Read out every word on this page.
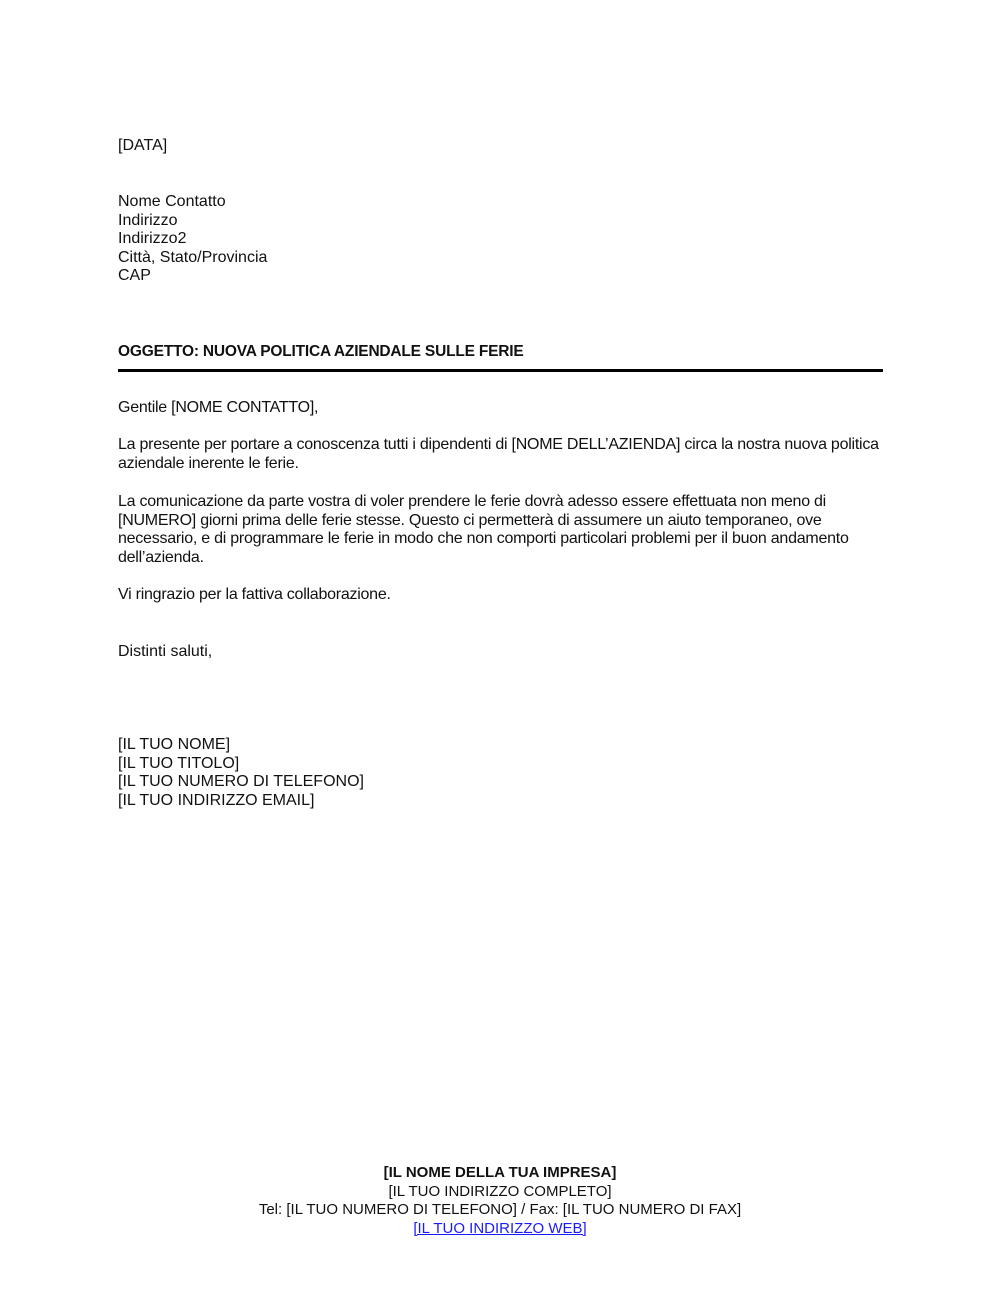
[DATA]
Nome Contatto
Indirizzo
Indirizzo2
Città, Stato/Provincia
CAP
OGGETTO: NUOVA POLITICA AZIENDALE SULLE FERIE
Gentile [NOME CONTATTO],

La presente per portare a conoscenza tutti i dipendenti di [NOME DELL’AZIENDA] circa la nostra nuova politica aziendale inerente le ferie.

La comunicazione da parte vostra di voler prendere le ferie dovrà adesso essere effettuata non meno di [NUMERO] giorni prima delle ferie stesse. Questo ci permetterà di assumere un aiuto temporaneo, ove necessario, e di programmare le ferie in modo che non comporti particolari problemi per il buon andamento dell’azienda.

Vi ringrazio per la fattiva collaborazione.

Distinti saluti,
[IL TUO NOME]
[IL TUO TITOLO]
[IL TUO NUMERO DI TELEFONO]
[IL TUO INDIRIZZO EMAIL]
[IL NOME DELLA TUA IMPRESA]
[IL TUO INDIRIZZO COMPLETO]
Tel: [IL TUO NUMERO DI TELEFONO] / Fax: [IL TUO NUMERO DI FAX]
[IL TUO INDIRIZZO WEB]
